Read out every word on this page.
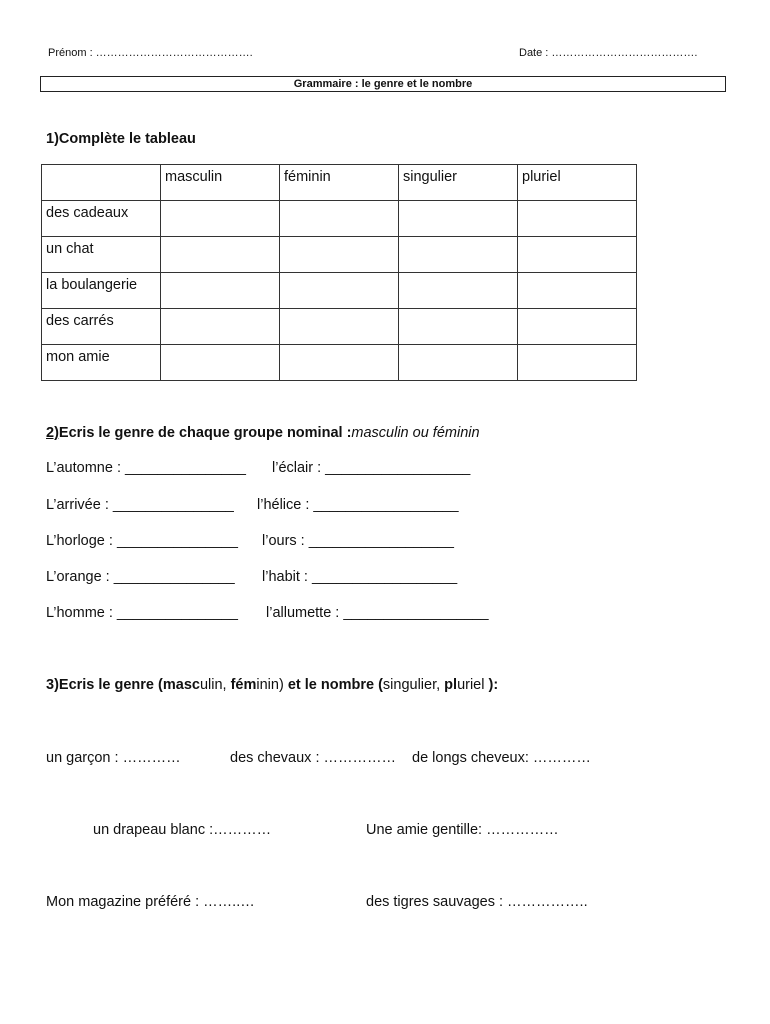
Prénom : …………………………………….	Date : ………………………………….
Grammaire : le genre et le nombre
1)Complète le tableau
	masculin	féminin	singulier	pluriel
des cadeaux				
un chat				
la boulangerie				
des carrés				
mon amie				
2)Ecris le genre de chaque groupe nominal :masculin ou féminin
L’automne : _______________ l’éclair : __________________
L’arrivée : _______________ l’hélice : __________________
L’horloge : _______________ l’ours : __________________
L’orange : _______________ l’habit : __________________
L’homme : _______________ l’allumette : __________________
3)Ecris le genre (masculin, féminin) et le nombre (singulier, pluriel ):
un garçon : …………	des chevaux : …………… de longs cheveux: …………
un drapeau blanc :…………	Une amie gentille: ……………
Mon magazine préféré : ……..…	des tigres sauvages : ……………..
